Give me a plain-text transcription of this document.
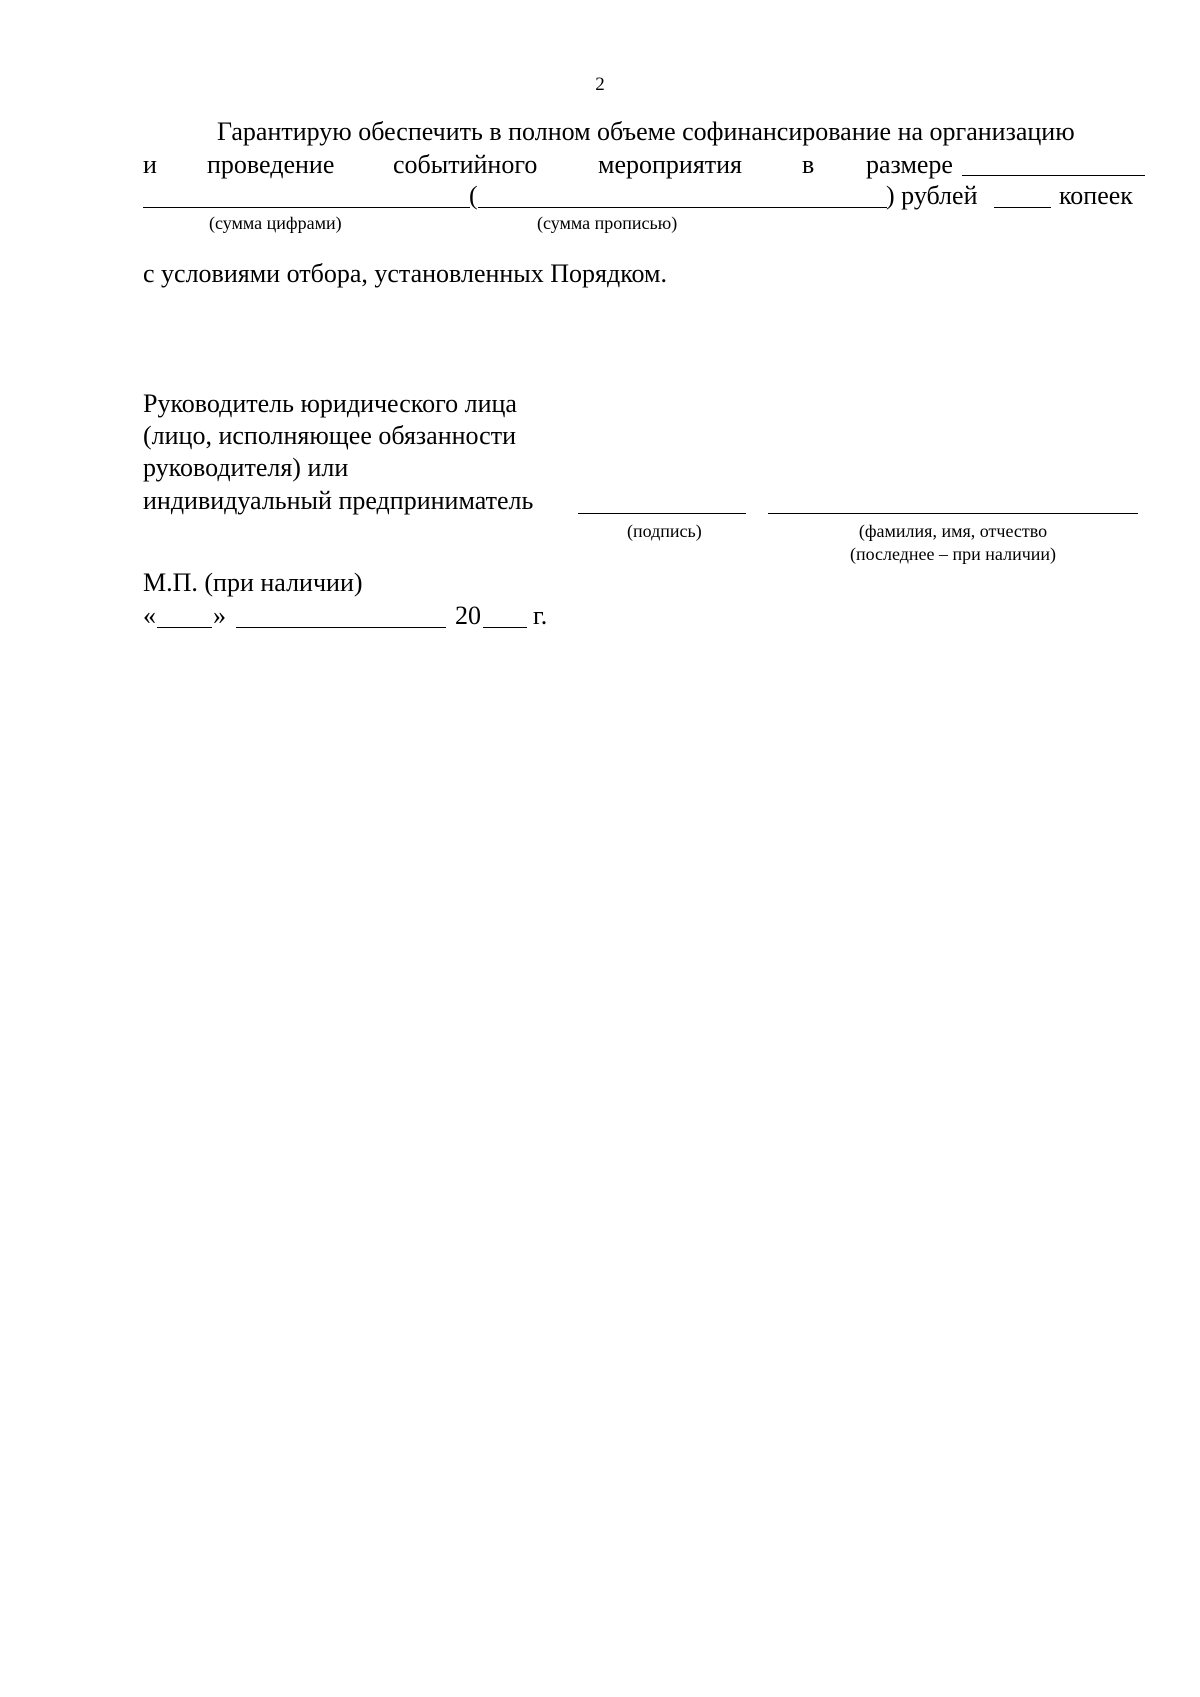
2
Гарантирую обеспечить в полном объеме софинансирование на организацию
и проведение событийного мероприятия в размере
(	) рублей	копеек
(сумма цифрами)	(сумма прописью)
с условиями отбора, установленных Порядком.
Руководитель юридического лица
(лицо, исполняющее обязанности
руководителя) или
индивидуальный предприниматель
(подпись)	(фамилия, имя, отчество
(последнее – при наличии)
М.П. (при наличии)
« »	20 г.
